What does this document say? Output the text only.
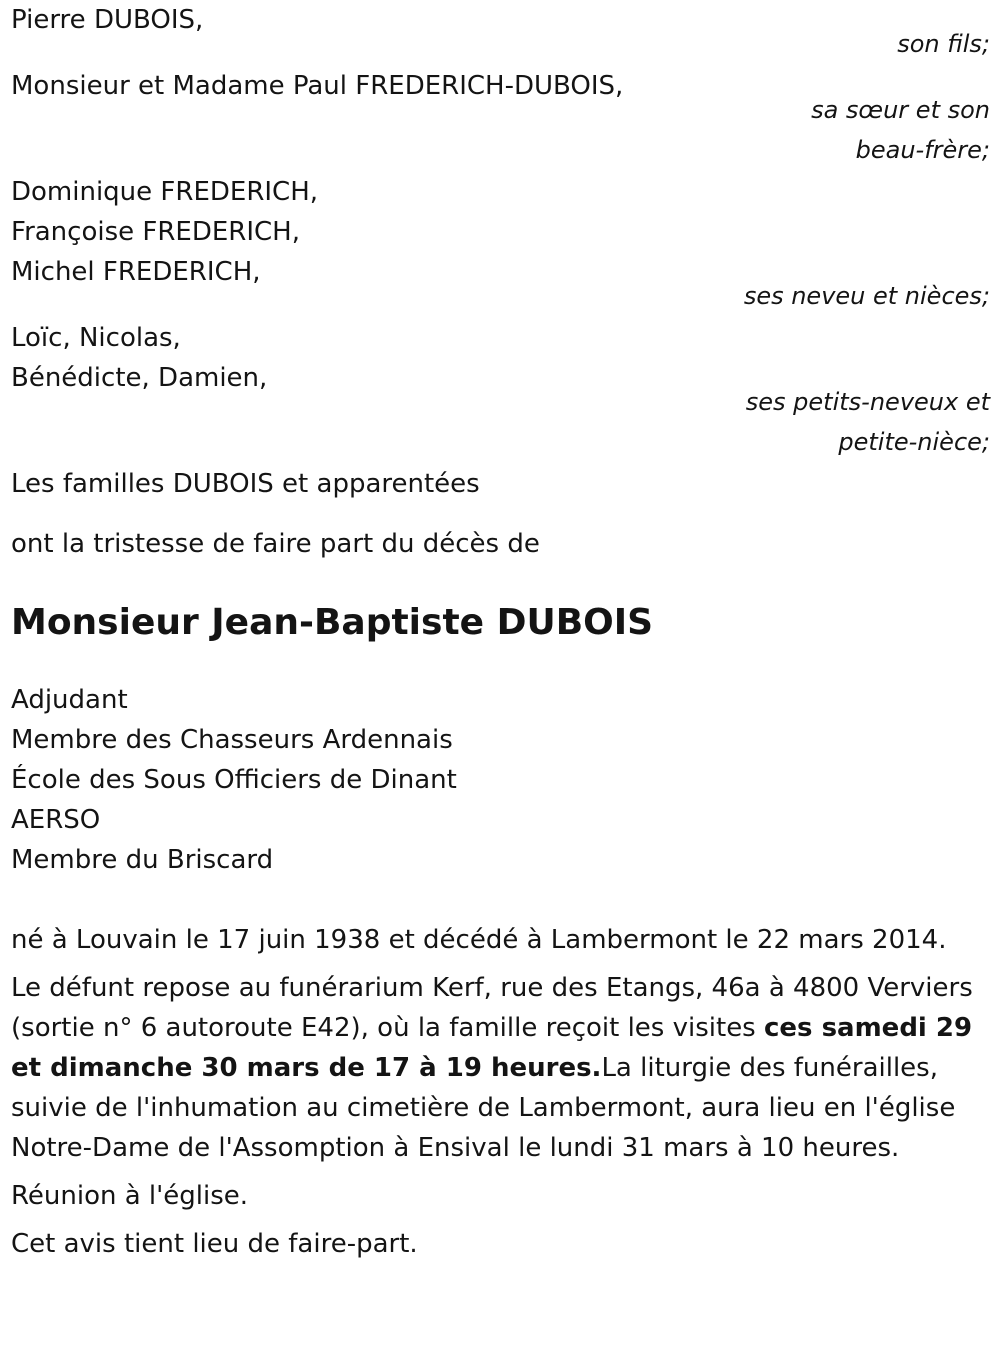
Pierre DUBOIS,
son fils;
Monsieur et Madame Paul FREDERICH-DUBOIS,
sa sœur et son
beau-frère;
Dominique FREDERICH,
Françoise FREDERICH,
Michel FREDERICH,
ses neveu et nièces;
Loïc, Nicolas,
Bénédicte, Damien,
ses petits-neveux et
petite-nièce;
Les familles DUBOIS et apparentées
ont la tristesse de faire part du décès de
Monsieur Jean-Baptiste DUBOIS
Adjudant
Membre des Chasseurs Ardennais
École des Sous Officiers de Dinant
AERSO
Membre du Briscard
né à Louvain le 17 juin 1938 et décédé à Lambermont le 22 mars 2014.
Le défunt repose au funérarium Kerf, rue des Etangs, 46a à 4800 Verviers (sortie n° 6 autoroute E42), où la famille reçoit les visites ces samedi 29 et dimanche 30 mars de 17 à 19 heures.La liturgie des funérailles, suivie de l'inhumation au cimetière de Lambermont, aura lieu en l'église Notre-Dame de l'Assomption à Ensival le lundi 31 mars à 10 heures.
Réunion à l'église.
Cet avis tient lieu de faire-part.
